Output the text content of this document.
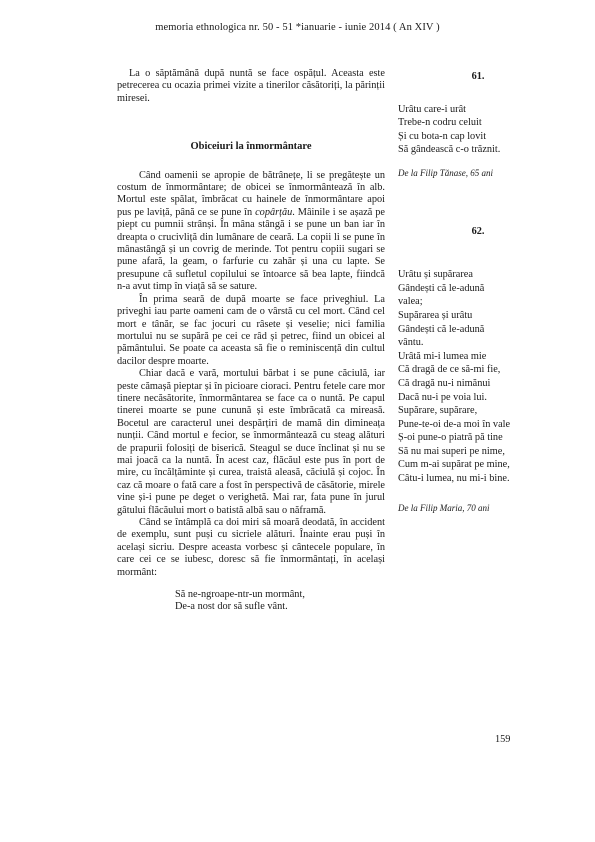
memoria ethnologica nr. 50 - 51 *ianuarie - iunie 2014 ( An XIV )

La o săptămână după nuntă se face ospățul. Aceasta este petrecerea cu ocazia primei vizite a tinerilor căsătoriți, la părinții miresei.

Obiceiuri la înmormântare

Când oamenii se apropie de bătrânețe, li se pregătește un costum de înmormântare; de obicei se înmormântează în alb. Mortul este spălat, îmbrăcat cu hainele de înmormântare apoi pus pe laviță, până ce se pune în copârțău. Mâinile i se așază pe piept cu pumnii strânși. În mâna stângă i se pune un ban iar în dreapta o crucivliță din lumânare de ceară. La copii li se pune în mânastângă și un covrig de merinde. Tot pentru copiii sugari se pune afară, la geam, o farfurie cu zahăr și una cu lapte. Se presupune că sufletul copilului se întoarce să bea lapte, fiindcă n-a avut timp în viață să se sature.

În prima seară de după moarte se face priveghiul. La priveghi iau parte oameni cam de o vârstă cu cel mort. Când cel mort e tânăr, se fac jocuri cu râsete și veselie; nici familia mortului nu se supără pe cei ce râd și petrec, fiind un obicei al pământului. Se poate ca aceasta să fie o reminiscență din cultul dacilor despre moarte.

Chiar dacă e vară, mortului bărbat i se pune căciulă, iar peste cămașă pieptar și în picioare cioraci. Pentru fetele care mor tinere necăsătorite, înmormântarea se face ca o nuntă. Pe capul tinerei moarte se pune cunună și este îmbrăcată ca mireasă. Bocetul are caracterul unei despărțiri de mamă din dimineața nunții. Când mortul e fecior, se înmormântează cu steag alături de prapurii folosiți de biserică. Steagul se duce înclinat și nu se mai joacă ca la nuntă. În acest caz, flăcăul este pus în port de mire, cu încălțăminte și curea, traistă aleasă, căciulă și cojoc. În caz că moare o fată care a fost în perspectivă de căsătorie, mirele vine și-i pune pe deget o verighetă. Mai rar, fata pune în jurul gâtului flăcăului mort o batistă albă sau o năframă.

Când se întâmplă ca doi miri să moară deodată, în accident de exemplu, sunt puși cu sicriele alături. Înainte erau puși în același sicriu. Despre aceasta vorbesc și cântecele populare, în care cei ce se iubesc, doresc să fie înmormântați, în același mormânt:

Să ne-ngroape-ntr-un mormânt,
De-a nost dor să sufle vânt.
61.
Urâtu care-i urât
Trebe-n codru celuit
Și cu bota-n cap lovit
Să gândească c-o trăznit.
De la Filip Tănase, 65 ani
62.
Urâtu și supărarea
Gândești că le-adună
valea;
Supărarea și urâtu
Gândești că le-adună
vântu.
Urâtă mi-i lumea mie
Că dragă de ce să-mi fie,
Că dragă nu-i nimănui
Dacă nu-i pe voia lui.
Supărare, supărare,
Pune-te-oi de-a moi în vale
Ș-oi pune-o piatră pă tine
Să nu mai superi pe nime,
Cum m-ai supărat pe mine,
Câtu-i lumea, nu mi-i bine.
De la Filip Maria, 70 ani
159
